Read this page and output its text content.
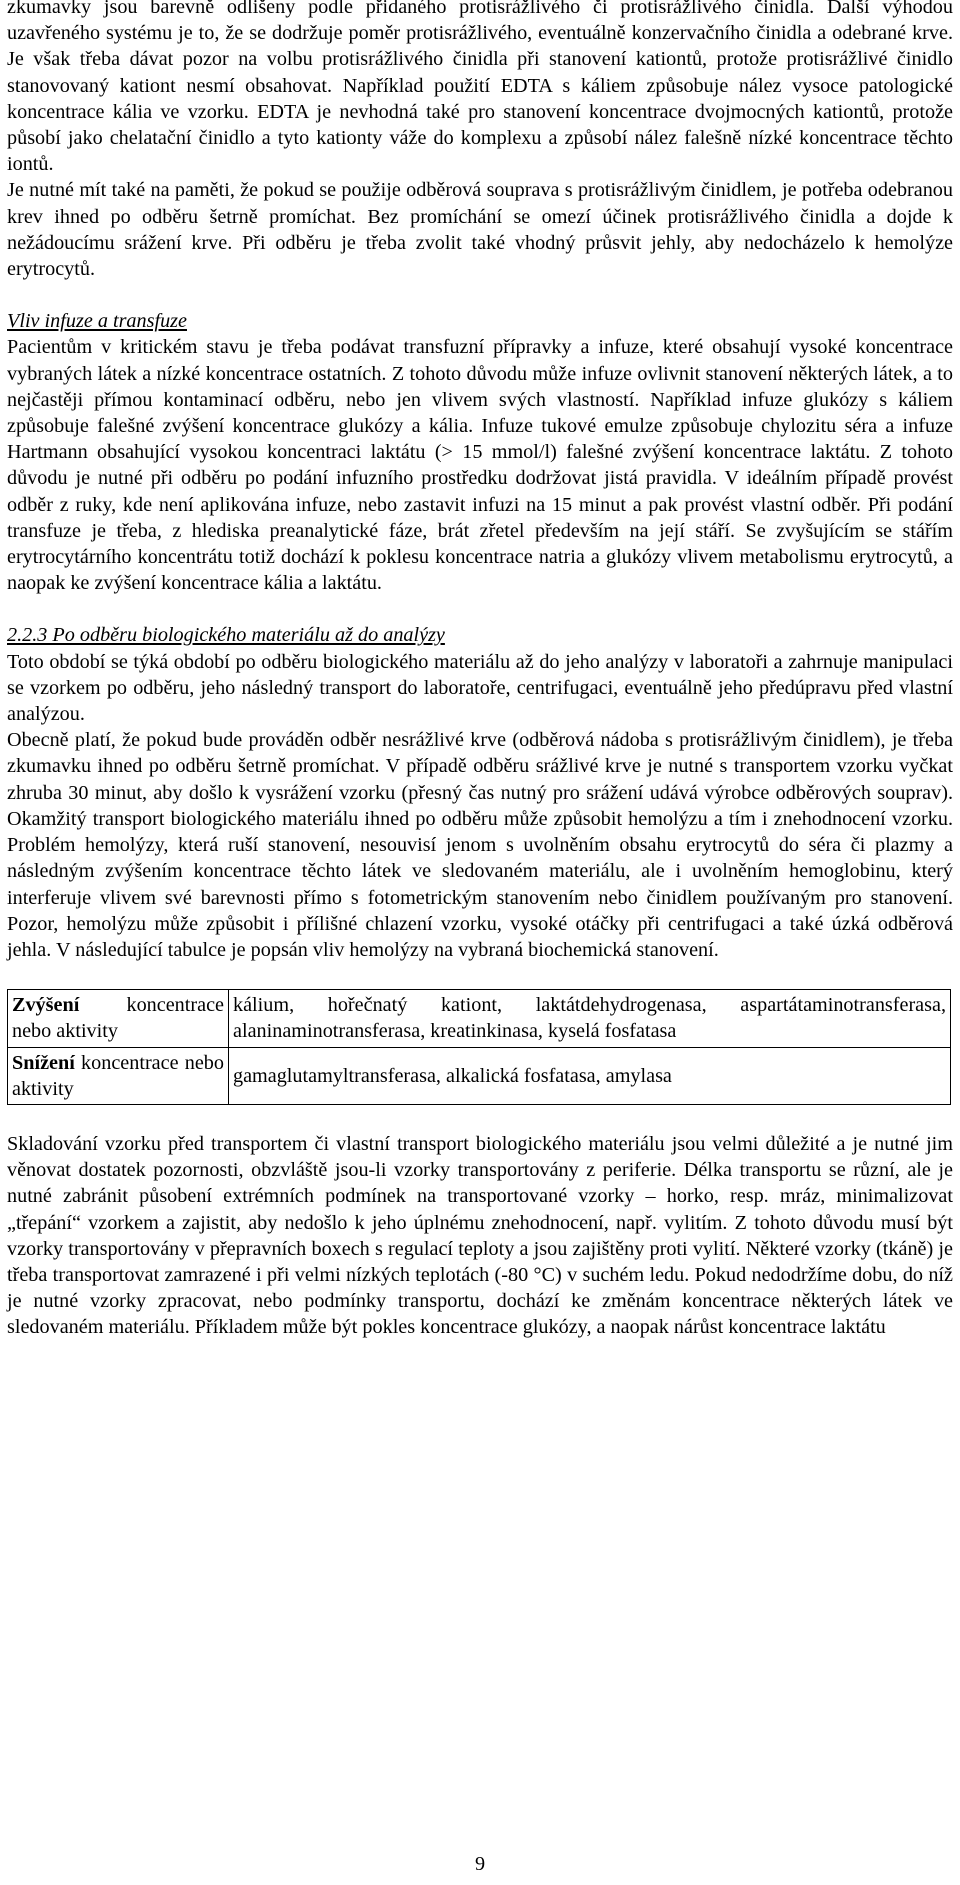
zkumavky jsou barevně odlišeny podle přidaného protisrážlivého či protisrážlivého činidla. Další výhodou uzavřeného systému je to, že se dodržuje poměr protisrážlivého, eventuálně konzervačního činidla a odebrané krve. Je však třeba dávat pozor na volbu protisrážlivého činidla při stanovení kationtů, protože protisrážlivé činidlo stanovovaný kationt nesmí obsahovat. Například použití EDTA s káliem způsobuje nález vysoce patologické koncentrace kália ve vzorku. EDTA je nevhodná také pro stanovení koncentrace dvojmocných kationtů, protože působí jako chelatační činidlo a tyto kationty váže do komplexu a způsobí nález falešně nízké koncentrace těchto iontů.

Je nutné mít také na paměti, že pokud se použije odběrová souprava s protisrážlivým činidlem, je potřeba odebranou krev ihned po odběru šetrně promíchat. Bez promíchání se omezí účinek protisrážlivého činidla a dojde k nežádoucímu srážení krve. Při odběru je třeba zvolit také vhodný průsvit jehly, aby nedocházelo k hemolýze erytrocytů.

Vliv infuze a transfuze

Pacientům v kritickém stavu je třeba podávat transfuzní přípravky a infuze, které obsahují vysoké koncentrace vybraných látek a nízké koncentrace ostatních. Z tohoto důvodu může infuze ovlivnit stanovení některých látek, a to nejčastěji přímou kontaminací odběru, nebo jen vlivem svých vlastností. Například infuze glukózy s káliem způsobuje falešné zvýšení koncentrace glukózy a kália. Infuze tukové emulze způsobuje chylozitu séra a infuze Hartmann obsahující vysokou koncentraci laktátu (> 15 mmol/l) falešné zvýšení koncentrace laktátu. Z tohoto důvodu je nutné při odběru po podání infuzního prostředku dodržovat jistá pravidla. V ideálním případě provést odběr z ruky, kde není aplikována infuze, nebo zastavit infuzi na 15 minut a pak provést vlastní odběr. Při podání transfuze je třeba, z hlediska preanalytické fáze, brát zřetel především na její stáří. Se zvyšujícím se stářím erytrocytárního koncentrátu totiž dochází k poklesu koncentrace natria a glukózy vlivem metabolismu erytrocytů, a naopak ke zvýšení koncentrace kália a laktátu.

2.2.3 Po odběru biologického materiálu až do analýzy

Toto období se týká období po odběru biologického materiálu až do jeho analýzy v laboratoři a zahrnuje manipulaci se vzorkem po odběru, jeho následný transport do laboratoře, centrifugaci, eventuálně jeho předúpravu před vlastní analýzou.

Obecně platí, že pokud bude prováděn odběr nesrážlivé krve (odběrová nádoba s protisrážlivým činidlem), je třeba zkumavku ihned po odběru šetrně promíchat. V případě odběru srážlivé krve je nutné s transportem vzorku vyčkat zhruba 30 minut, aby došlo k vysrážení vzorku (přesný čas nutný pro srážení udává výrobce odběrových souprav). Okamžitý transport biologického materiálu ihned po odběru může způsobit hemolýzu a tím i znehodnocení vzorku. Problém hemolýzy, která ruší stanovení, nesouvisí jenom s uvolněním obsahu erytrocytů do séra či plazmy a následným zvýšením koncentrace těchto látek ve sledovaném materiálu, ale i uvolněním hemoglobinu, který interferuje vlivem své barevnosti přímo s fotometrickým stanovením nebo činidlem používaným pro stanovení. Pozor, hemolýzu může způsobit i přílišné chlazení vzorku, vysoké otáčky při centrifugaci a také úzká odběrová jehla. V následující tabulce je popsán vliv hemolýzy na vybraná biochemická stanovení.

Zvýšení koncentrace nebo aktivity	kálium, hořečnatý kationt, laktátdehydrogenasa, aspartátaminotransferasa, alaninaminotransferasa, kreatinkinasa, kyselá fosfatasa
Snížení koncentrace nebo aktivity	gamaglutamyltransferasa, alkalická fosfatasa, amylasa

Skladování vzorku před transportem či vlastní transport biologického materiálu jsou velmi důležité a je nutné jim věnovat dostatek pozornosti, obzvláště jsou-li vzorky transportovány z periferie. Délka transportu se různí, ale je nutné zabránit působení extrémních podmínek na transportované vzorky – horko, resp. mráz, minimalizovat „třepání“ vzorkem a zajistit, aby nedošlo k jeho úplnému znehodnocení, např. vylitím. Z tohoto důvodu musí být vzorky transportovány v přepravních boxech s regulací teploty a jsou zajištěny proti vylití. Některé vzorky (tkáně) je třeba transportovat zamrazené i při velmi nízkých teplotách (-80 °C) v suchém ledu. Pokud nedodržíme dobu, do níž je nutné vzorky zpracovat, nebo podmínky transportu, dochází ke změnám koncentrace některých látek ve sledovaném materiálu. Příkladem může být pokles koncentrace glukózy, a naopak nárůst koncentrace laktátu

9
